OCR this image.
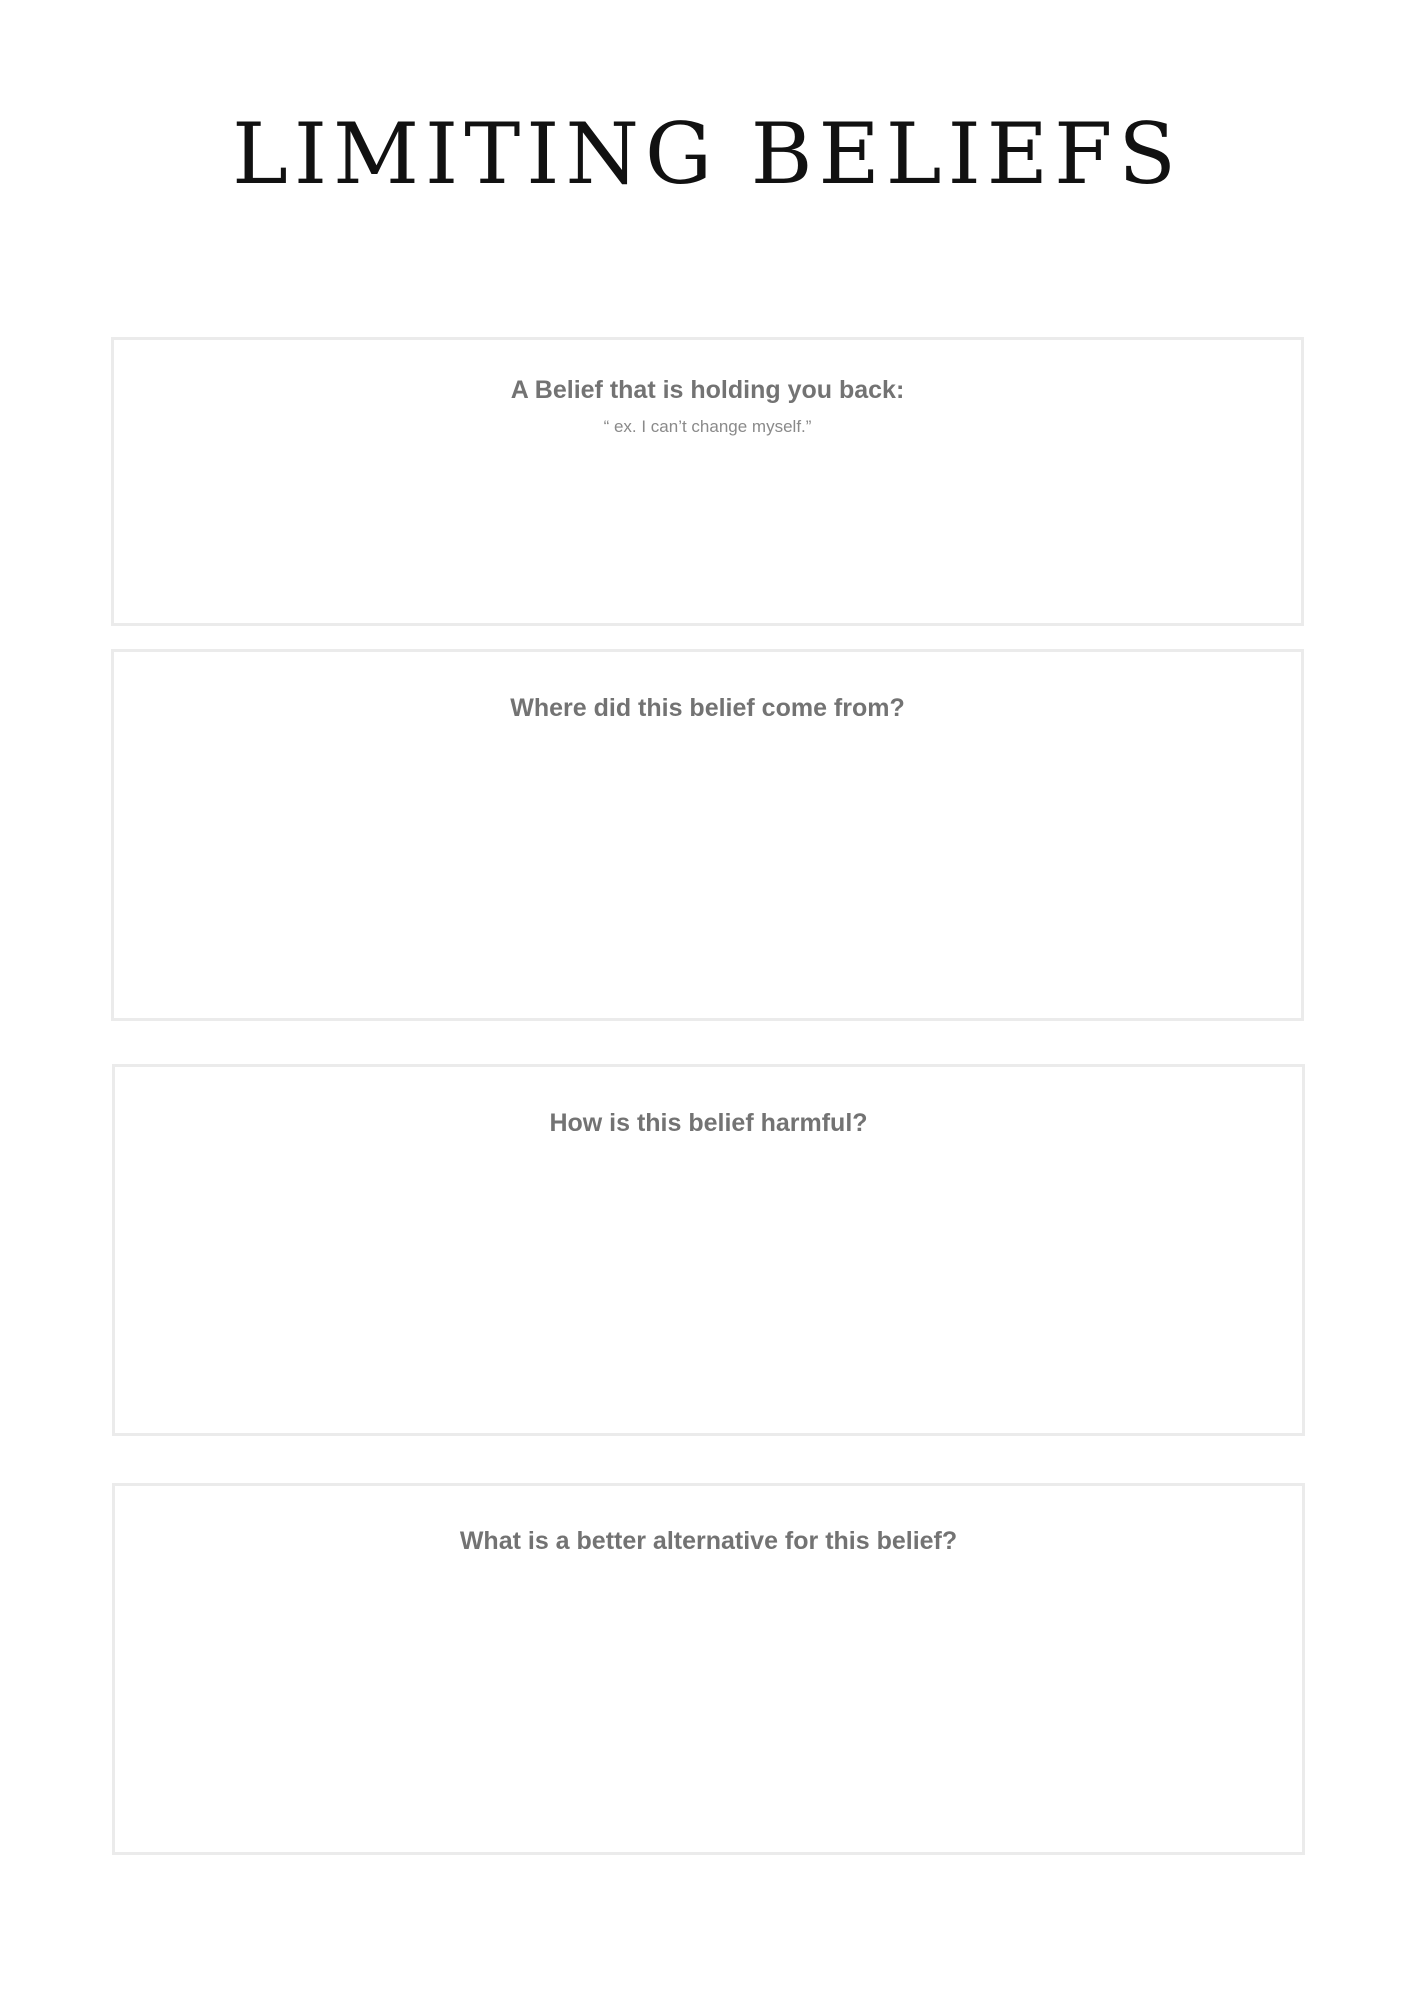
LIMITING BELIEFS
A Belief that is holding you back:
“ ex. I can’t change myself.”
Where did this belief come from?
How is this belief harmful?
What is a better alternative for this belief?
